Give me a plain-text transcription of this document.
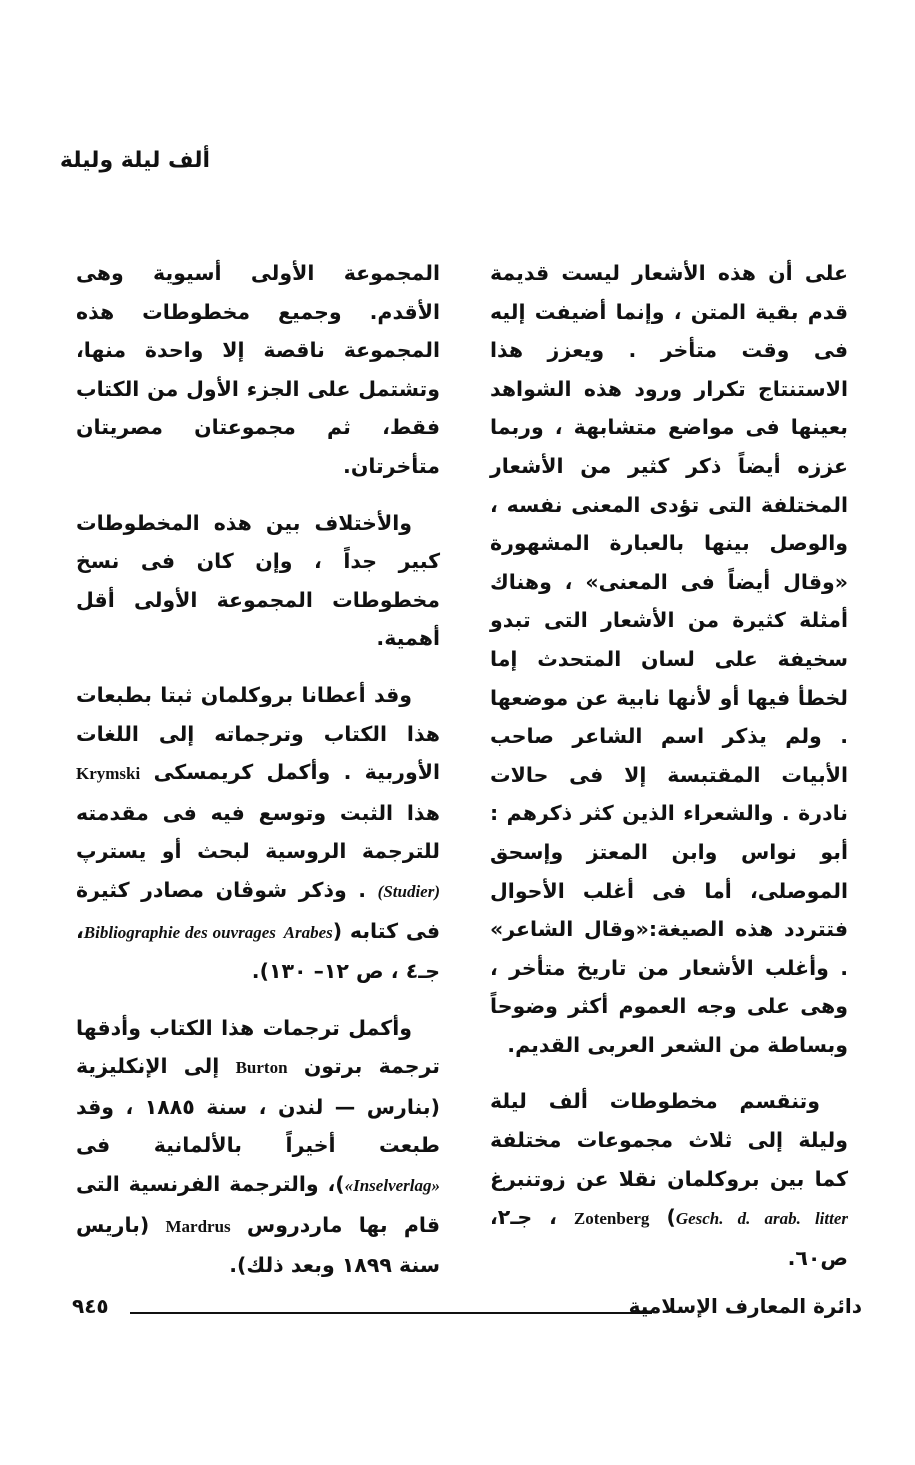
ألف ليلة وليلة

على أن هذه الأشعار ليست قديمة قدم بقية المتن ، وإنما أضيفت إليه فى وقت متأخر . ويعزز هذا الاستنتاج تكرار ورود هذه الشواهد بعينها فى مواضع متشابهة ، وربما عززه أيضاً ذكر كثير من الأشعار المختلفة التى تؤدى المعنى نفسه ، والوصل بينها بالعبارة المشهورة «وقال أيضاً فى المعنى» ، وهناك أمثلة كثيرة من الأشعار التى تبدو سخيفة على لسان المتحدث إما لخطأ فيها أو لأنها نابية عن موضعها . ولم يذكر اسم الشاعر صاحب الأبيات المقتبسة إلا فى حالات نادرة . والشعراء الذين كثر ذكرهم : أبو نواس وابن المعتز وإسحق الموصلى، أما فى أغلب الأحوال فتتردد هذه الصيغة:«وقال الشاعر» . وأغلب الأشعار من تاريخ متأخر ، وهى على وجه العموم أكثر وضوحاً وبساطة من الشعر العربى القديم.

وتنقسم مخطوطات ألف ليلة وليلة إلى ثلاث مجموعات مختلفة كما بين بروكلمان نقلا عن زوتنبرغ Zotenberg (Gesch. d. arab. litter ، جـ٢، ص٦٠.

المجموعة الأولى أسيوية وهى الأقدم. وجميع مخطوطات هذه المجموعة ناقصة إلا واحدة منها، وتشتمل على الجزء الأول من الكتاب فقط، ثم مجموعتان مصريتان متأخرتان.

والأختلاف بين هذه المخطوطات كبير جداً ، وإن كان فى نسخ مخطوطات المجموعة الأولى أقل أهمية.

وقد أعطانا بروكلمان ثبتا بطبعات هذا الكتاب وترجماته إلى اللغات الأوربية . وأكمل كريمسكى Krymski هذا الثبت وتوسع فيه فى مقدمته للترجمة الروسية لبحث أو يسترپ (Studier) . وذكر شوڤان مصادر كثيرة فى كتابه (Bibliographie des ouvrages Arabes، جـ٤ ، ص ١٢– ١٣٠).

وأكمل ترجمات هذا الكتاب وأدقها ترجمة برتون Burton إلى الإنكليزية (بنارس — لندن ، سنة ١٨٨٥ ، وقد طبعت أخيراً بالألمانية فى «Inselverlag»)، والترجمة الفرنسية التى قام بها ماردروس Mardrus (باريس سنة ١٨٩٩ وبعد ذلك).

دائرة المعارف الإسلامية
٩٤٥
